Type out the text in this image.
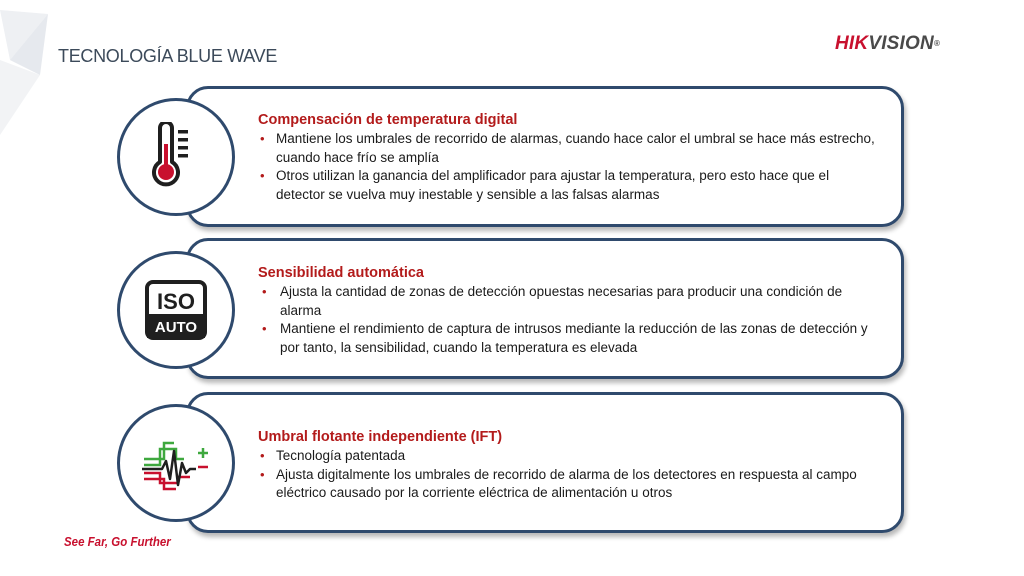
TECNOLOGÍA BLUE WAVE
HIKVISION®
ISO
AUTO
Compensación de temperatura digital
• Mantiene los umbrales de recorrido de alarmas, cuando hace calor el umbral se hace más estrecho, cuando hace frío se amplía
• Otros utilizan la ganancia del amplificador para ajustar la temperatura, pero esto hace que el detector se vuelva muy inestable y sensible a las falsas alarmas
Sensibilidad automática
• Ajusta la cantidad de zonas de detección opuestas necesarias para producir una condición de alarma
• Mantiene el rendimiento de captura de intrusos mediante la reducción de las zonas de detección y por tanto, la sensibilidad, cuando la temperatura es elevada
Umbral flotante independiente (IFT)
• Tecnología patentada
• Ajusta digitalmente los umbrales de recorrido de alarma de los detectores en respuesta al campo eléctrico causado por la corriente eléctrica de alimentación u otros
See Far, Go Further
